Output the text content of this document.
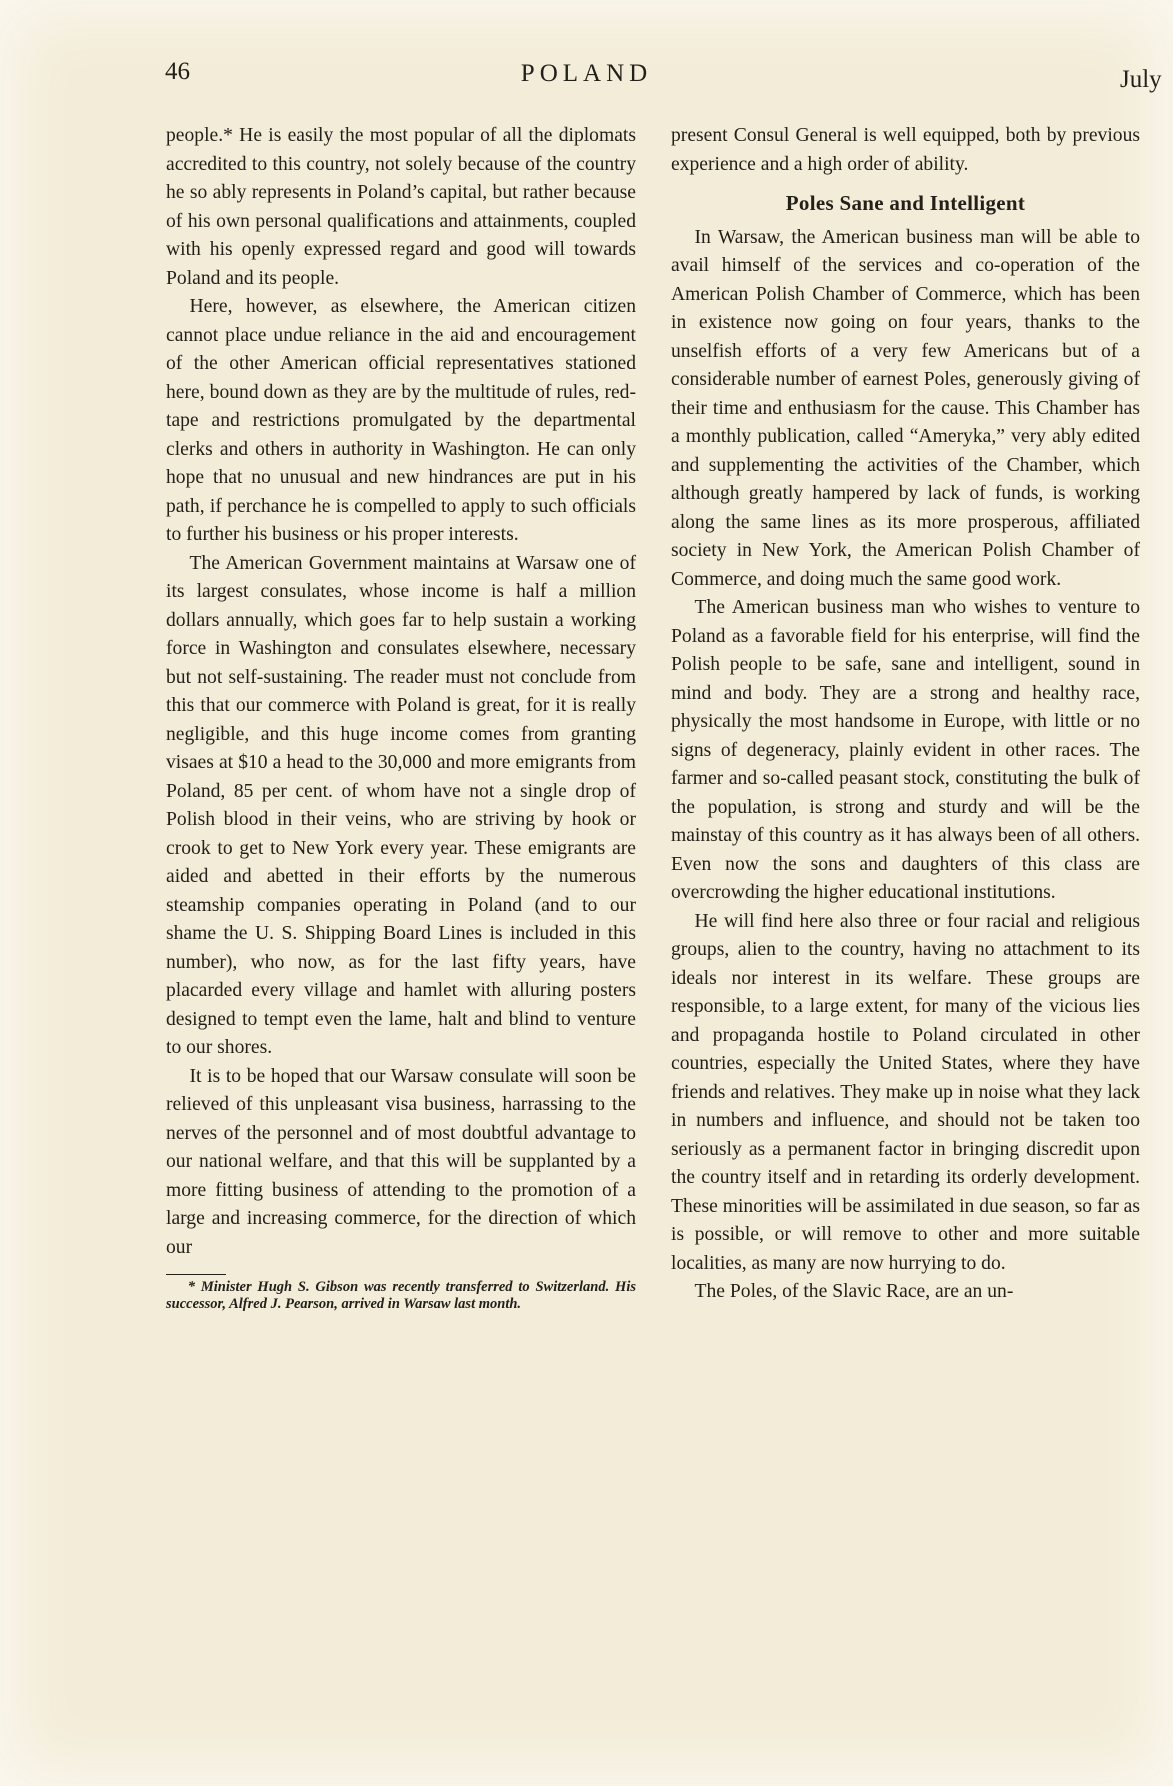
46	POLAND	July

people.* He is easily the most popular of all the diplomats accredited to this country, not solely because of the country he so ably represents in Poland’s capital, but rather because of his own personal qualifications and attainments, coupled with his openly expressed regard and good will towards Poland and its people.

Here, however, as elsewhere, the American citizen cannot place undue reliance in the aid and encouragement of the other American official representatives stationed here, bound down as they are by the multitude of rules, red-tape and restrictions promulgated by the departmental clerks and others in authority in Washington. He can only hope that no unusual and new hindrances are put in his path, if perchance he is compelled to apply to such officials to further his business or his proper interests.

The American Government maintains at Warsaw one of its largest consulates, whose income is half a million dollars annually, which goes far to help sustain a working force in Washington and consulates elsewhere, necessary but not self-sustaining. The reader must not conclude from this that our commerce with Poland is great, for it is really negligible, and this huge income comes from granting visaes at $10 a head to the 30,000 and more emigrants from Poland, 85 per cent. of whom have not a single drop of Polish blood in their veins, who are striving by hook or crook to get to New York every year. These emigrants are aided and abetted in their efforts by the numerous steamship companies operating in Poland (and to our shame the U. S. Shipping Board Lines is included in this number), who now, as for the last fifty years, have placarded every village and hamlet with alluring posters designed to tempt even the lame, halt and blind to venture to our shores.

It is to be hoped that our Warsaw consulate will soon be relieved of this unpleasant visa business, harrassing to the nerves of the personnel and of most doubtful advantage to our national welfare, and that this will be supplanted by a more fitting business of attending to the promotion of a large and increasing commerce, for the direction of which our

* Minister Hugh S. Gibson was recently transferred to Switzerland. His successor, Alfred J. Pearson, arrived in Warsaw last month.

present Consul General is well equipped, both by previous experience and a high order of ability.

Poles Sane and Intelligent

In Warsaw, the American business man will be able to avail himself of the services and co-operation of the American Polish Chamber of Commerce, which has been in existence now going on four years, thanks to the unselfish efforts of a very few Americans but of a considerable number of earnest Poles, generously giving of their time and enthusiasm for the cause. This Chamber has a monthly publication, called “Ameryka,” very ably edited and supplementing the activities of the Chamber, which although greatly hampered by lack of funds, is working along the same lines as its more prosperous, affiliated society in New York, the American Polish Chamber of Commerce, and doing much the same good work.

The American business man who wishes to venture to Poland as a favorable field for his enterprise, will find the Polish people to be safe, sane and intelligent, sound in mind and body. They are a strong and healthy race, physically the most handsome in Europe, with little or no signs of degeneracy, plainly evident in other races. The farmer and so-called peasant stock, constituting the bulk of the population, is strong and sturdy and will be the mainstay of this country as it has always been of all others. Even now the sons and daughters of this class are overcrowding the higher educational institutions.

He will find here also three or four racial and religious groups, alien to the country, having no attachment to its ideals nor interest in its welfare. These groups are responsible, to a large extent, for many of the vicious lies and propaganda hostile to Poland circulated in other countries, especially the United States, where they have friends and relatives. They make up in noise what they lack in numbers and influence, and should not be taken too seriously as a permanent factor in bringing discredit upon the country itself and in retarding its orderly development. These minorities will be assimilated in due season, so far as is possible, or will remove to other and more suitable localities, as many are now hurrying to do.

The Poles, of the Slavic Race, are an un-
